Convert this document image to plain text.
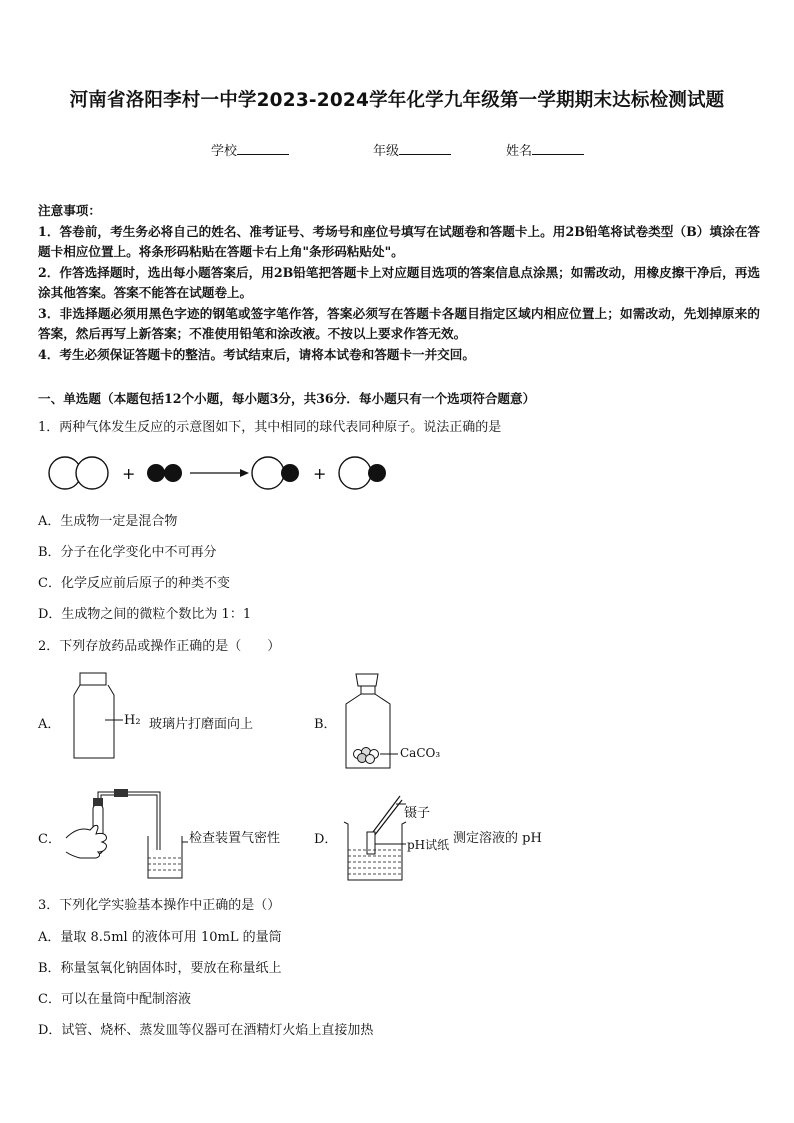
河南省洛阳李村一中学2023-2024学年化学九年级第一学期期末达标检测试题
学校	年级	姓名

注意事项：

1．答卷前，考生务必将自己的姓名、准考证号、考场号和座位号填写在试题卷和答题卡上。用2B铅笔将试卷类型（B）填涂在答题卡相应位置上。将条形码粘贴在答题卡右上角"条形码粘贴处"。

2．作答选择题时，选出每小题答案后，用2B铅笔把答题卡上对应题目选项的答案信息点涂黑；如需改动，用橡皮擦干净后，再选涂其他答案。答案不能答在试题卷上。

3．非选择题必须用黑色字迹的钢笔或签字笔作答，答案必须写在答题卡各题目指定区域内相应位置上；如需改动，先划掉原来的答案，然后再写上新答案；不准使用铅笔和涂改液。不按以上要求作答无效。

4．考生必须保证答题卡的整洁。考试结束后，请将本试卷和答题卡一并交回。

一、单选题（本题包括12个小题，每小题3分，共36分．每小题只有一个选项符合题意）
1．两种气体发生反应的示意图如下，其中相同的球代表同种原子。说法正确的是
+	+
A．生成物一定是混合物
B．分子在化学变化中不可再分
C．化学反应前后原子的种类不变
D．生成物之间的微粒个数比为 1：1
2．下列存放药品或操作正确的是（　　）
A．	H₂ 玻璃片打磨面向上	B．
CaCO₃
C．	检查装置气密性	D．
镊子
pH试纸 测定溶液的 pH
3．下列化学实验基本操作中正确的是（）
A．量取 8.5ml 的液体可用 10mL 的量筒
B．称量氢氧化钠固体时，要放在称量纸上
C．可以在量筒中配制溶液
D．试管、烧杯、蒸发皿等仪器可在酒精灯火焰上直接加热
